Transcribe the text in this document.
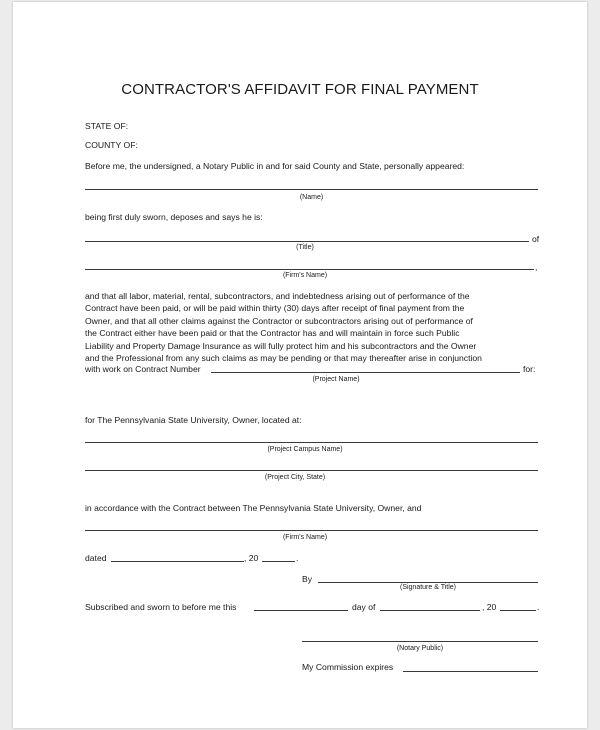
CONTRACTOR'S AFFIDAVIT FOR FINAL PAYMENT
STATE OF:
COUNTY OF:
Before me, the undersigned, a Notary Public in and for said County and State, personally appeared:
(Name)
being first duly sworn, deposes and says he is:
of
(Title)
,
(Firm's Name)
and that all labor, material, rental, subcontractors, and indebtedness arising out of performance of the
Contract have been paid, or will be paid within thirty (30) days after receipt of final payment from the
Owner, and that all other claims against the Contractor or subcontractors arising out of performance of
the Contract either have been paid or that the Contractor has and will maintain in force such Public
Liability and Property Damage Insurance as will fully protect him and his subcontractors and the Owner
and the Professional from any such claims as may be pending or that may thereafter arise in conjunction
with work on Contract Number	for:
(Project Name)
for The Pennsylvania State University, Owner, located at:
(Project Campus Name)
(Project City, State)
in accordance with the Contract between The Pennsylvania State University, Owner, and
(Firm's Name)
dated	, 20	.
By
(Signature & Title)
Subscribed and sworn to before me this	day of	, 20	.
(Notary Public)
My Commission expires
